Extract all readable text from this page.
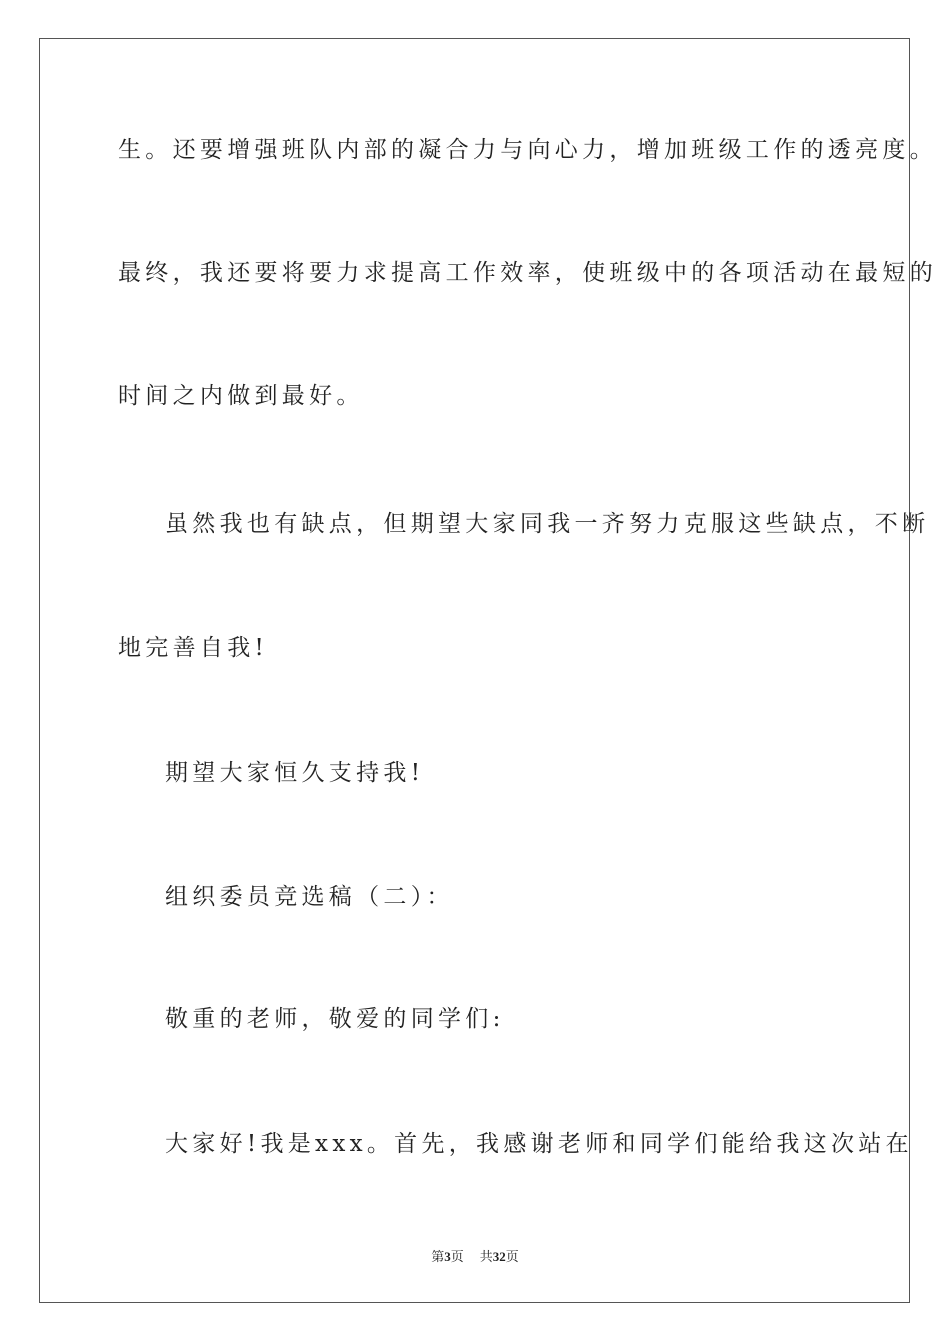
生。还要增强班队内部的凝合力与向心力，增加班级工作的透亮度。
最终，我还要将要力求提高工作效率，使班级中的各项活动在最短的
时间之内做到最好。
虽然我也有缺点，但期望大家同我一齐努力克服这些缺点，不断
地完善自我!
期望大家恒久支持我!
组织委员竞选稿（二）：
敬重的老师，敬爱的同学们:
大家好!我是xxx。首先，我感谢老师和同学们能给我这次站在
第3页 共32页
